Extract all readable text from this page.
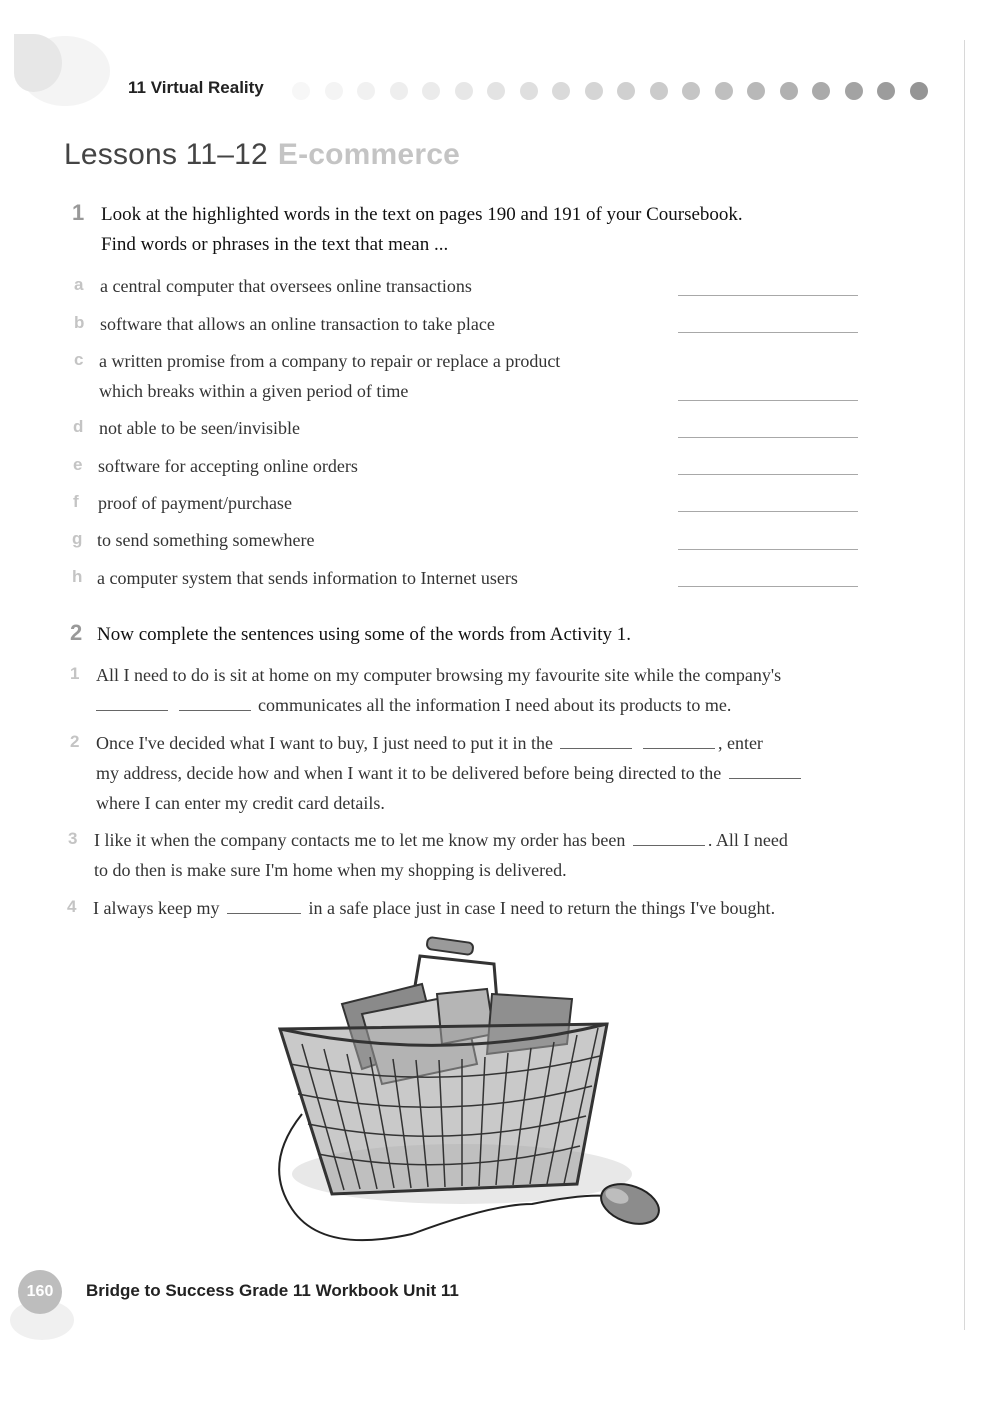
11 Virtual Reality
Lessons 11–12 E-commerce
1 Look at the highlighted words in the text on pages 190 and 191 of your Coursebook.
Find words or phrases in the text that mean ...
a a central computer that oversees online transactions
b software that allows an online transaction to take place
c a written promise from a company to repair or replace a product
which breaks within a given period of time
d not able to be seen/invisible
e software for accepting online orders
f proof of payment/purchase
g to send something somewhere
h a computer system that sends information to Internet users
2 Now complete the sentences using some of the words from Activity 1.
1 All I need to do is sit at home on my computer browsing my favourite site while the company's
communicates all the information I need about its products to me.
2 Once I've decided what I want to buy, I just need to put it in the	, enter
my address, decide how and when I want it to be delivered before being directed to the
where I can enter my credit card details.
3 I like it when the company contacts me to let me know my order has been	. All I need
to do then is make sure I'm home when my shopping is delivered.
4 I always keep my	in a safe place just in case I need to return the things I've bought.
160	Bridge to Success Grade 11 Workbook Unit 11
